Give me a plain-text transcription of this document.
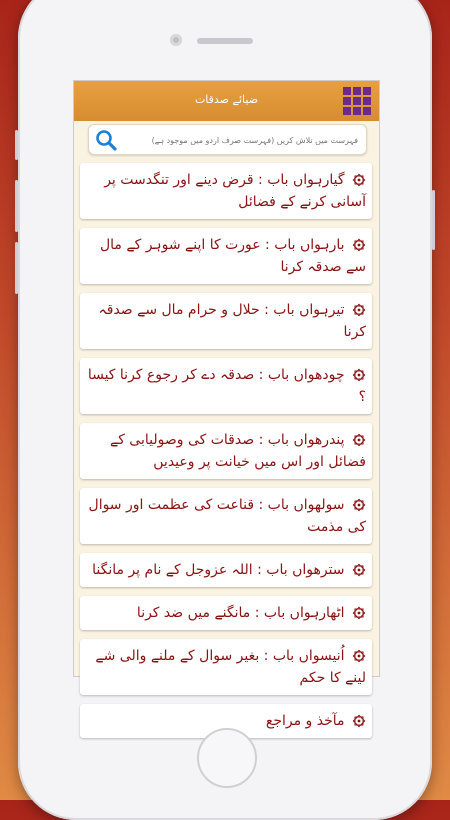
ضیائے صدقات
فہرست میں تلاش کریں (فہرست صرف اردو میں موجود ہے)
گیارہواں باب : قرض دینے اور تنگدست پر آسانی کرنے کے فضائل
بارہواں باب : عورت کا اپنے شوہر کے مال سے صدقہ کرنا
تیرہواں باب : حلال و حرام مال سے صدقہ کرنا
چودھواں باب : صدقہ دے کر رجوع کرنا کیسا ؟
پندرھواں باب : صدقات کی وصولیابی کے فضائل اور اس میں خیانت پر وعیدیں
سولھواں باب : قناعت کی عظمت اور سوال کی مذمت
سترھواں باب : اللہ عزوجل کے نام پر مانگنا
اٹھارہواں باب : مانگنے میں ضد کرنا
اُنیسواں باب : بغیر سوال کے ملنے والی شے لینے کا حکم
مآخذ و مراجع
